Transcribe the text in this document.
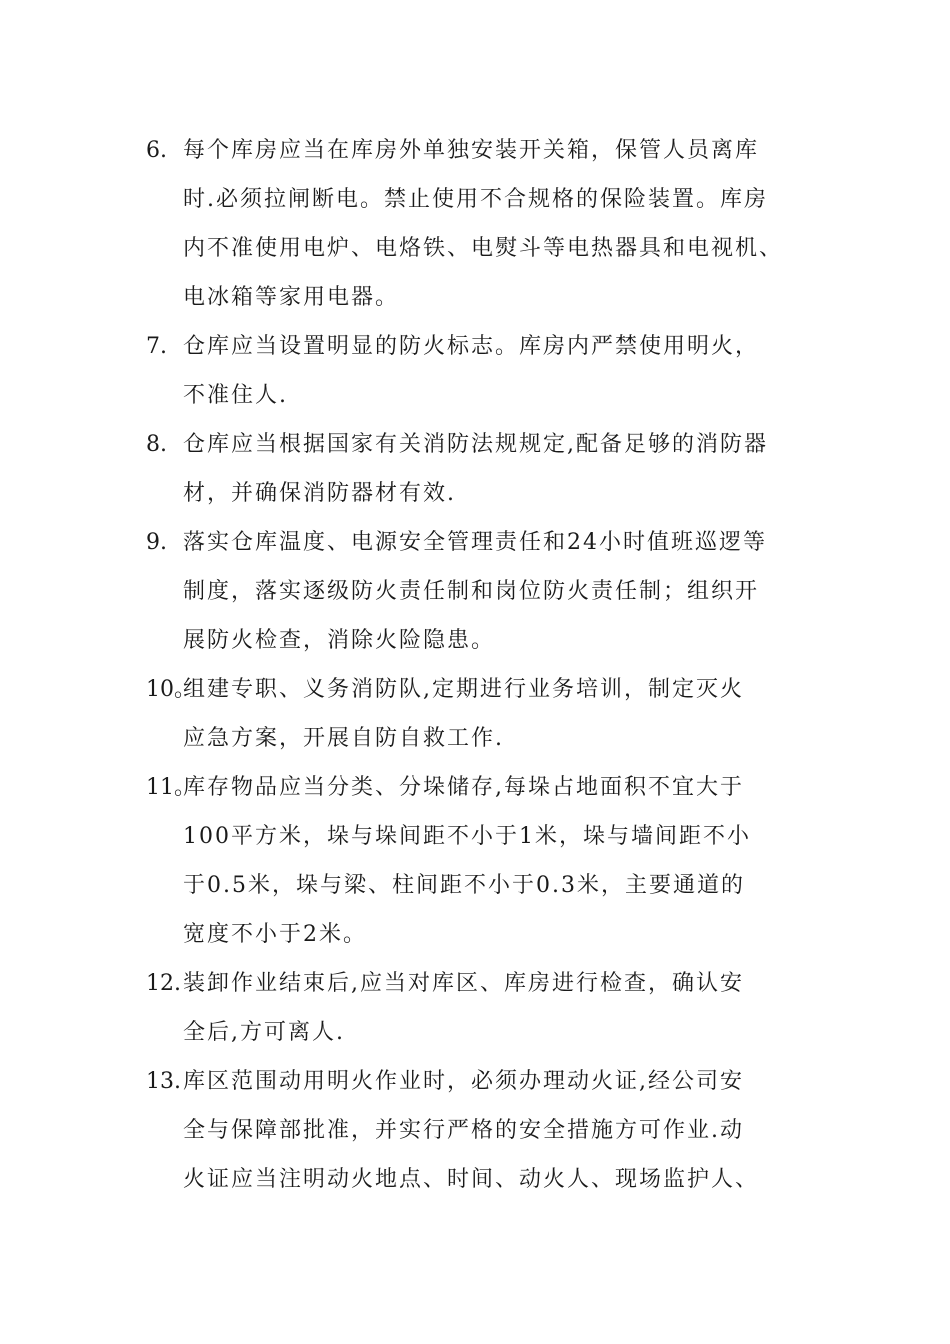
6. 每个库房应当在库房外单独安装开关箱，保管人员离库
时.必须拉闸断电。禁止使用不合规格的保险装置。库房
内不准使用电炉、电烙铁、电熨斗等电热器具和电视机、
电冰箱等家用电器。
7. 仓库应当设置明显的防火标志。库房内严禁使用明火，
不准住人.
8. 仓库应当根据国家有关消防法规规定,配备足够的消防器
材，并确保消防器材有效.
9. 落实仓库温度、电源安全管理责任和24小时值班巡逻等
制度，落实逐级防火责任制和岗位防火责任制；组织开
展防火检查，消除火险隐患。
10。
组建专职、义务消防队,定期进行业务培训，制定灭火
应急方案，开展自防自救工作.
11。
库存物品应当分类、分垛储存,每垛占地面积不宜大于
100平方米，垛与垛间距不小于1米，垛与墙间距不小
于0.5米，垛与梁、柱间距不小于0.3米，主要通道的
宽度不小于2米。
12. 装卸作业结束后,应当对库区、库房进行检查，确认安
全后,方可离人.
13. 库区范围动用明火作业时，必须办理动火证,经公司安
全与保障部批准，并实行严格的安全措施方可作业.动
火证应当注明动火地点、时间、动火人、现场监护人、
